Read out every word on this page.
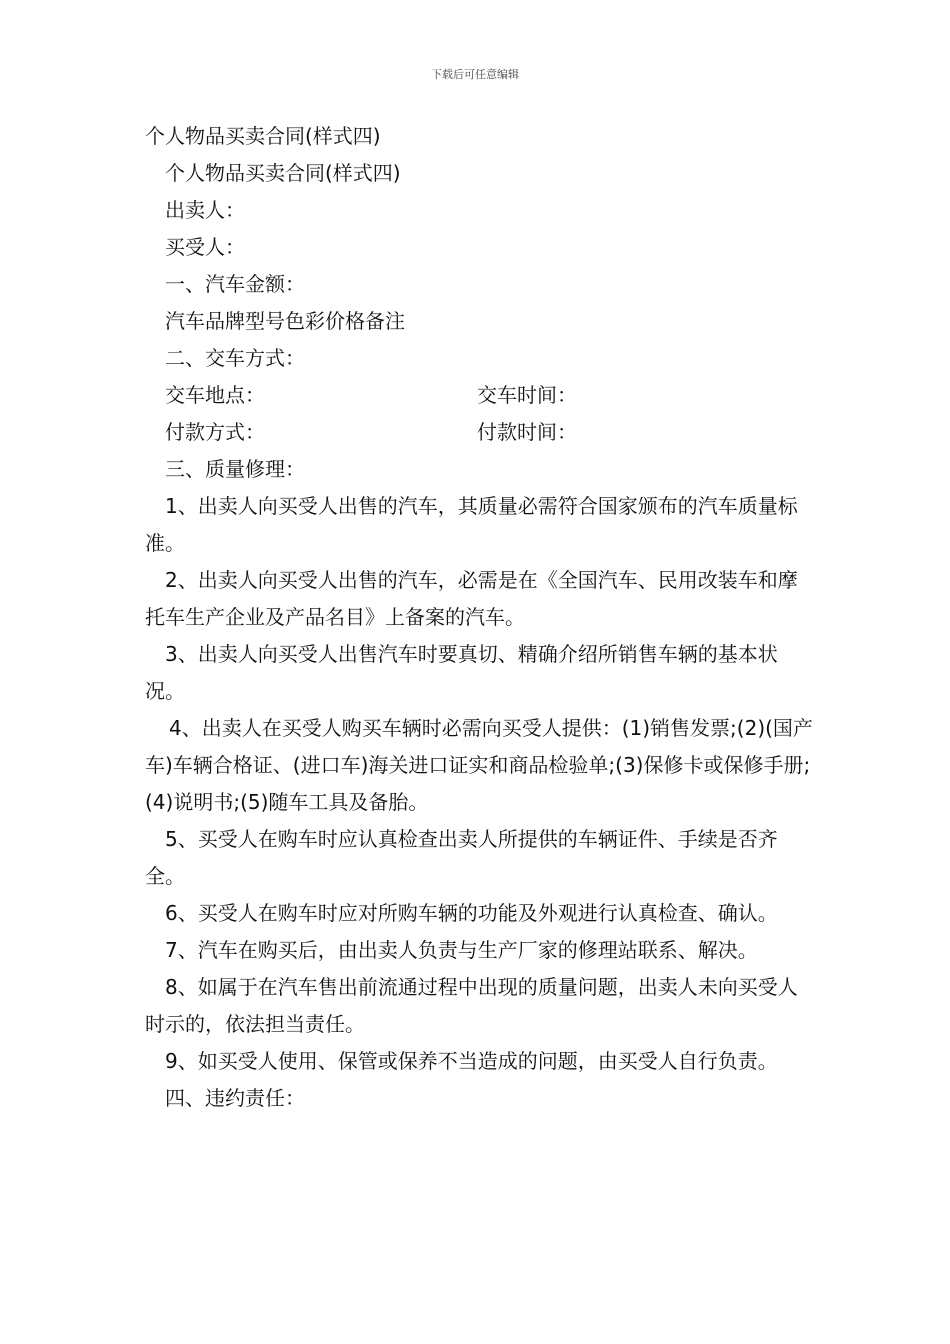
下载后可任意编辑

个人物品买卖合同(样式四)

个人物品买卖合同(样式四)

出卖人：

买受人：

一、汽车金额：

汽车品牌型号色彩价格备注

二、交车方式：

交车地点：	交车时间：
付款方式：	付款时间：

三、质量修理：

1、出卖人向买受人出售的汽车，其质量必需符合国家颁布的汽车质量标准。

2、出卖人向买受人出售的汽车，必需是在《全国汽车、民用改装车和摩托车生产企业及产品名目》上备案的汽车。

3、出卖人向买受人出售汽车时要真切、精确介绍所销售车辆的基本状况。

4、出卖人在买受人购买车辆时必需向买受人提供：(1)销售发票;(2)(国产车)车辆合格证、(进口车)海关进口证实和商品检验单;(3)保修卡或保修手册;(4)说明书;(5)随车工具及备胎。

5、买受人在购车时应认真检查出卖人所提供的车辆证件、手续是否齐全。

6、买受人在购车时应对所购车辆的功能及外观进行认真检查、确认。

7、汽车在购买后，由出卖人负责与生产厂家的修理站联系、解决。

8、如属于在汽车售出前流通过程中出现的质量问题，出卖人未向买受人时示的，依法担当责任。

9、如买受人使用、保管或保养不当造成的问题，由买受人自行负责。

四、违约责任：
